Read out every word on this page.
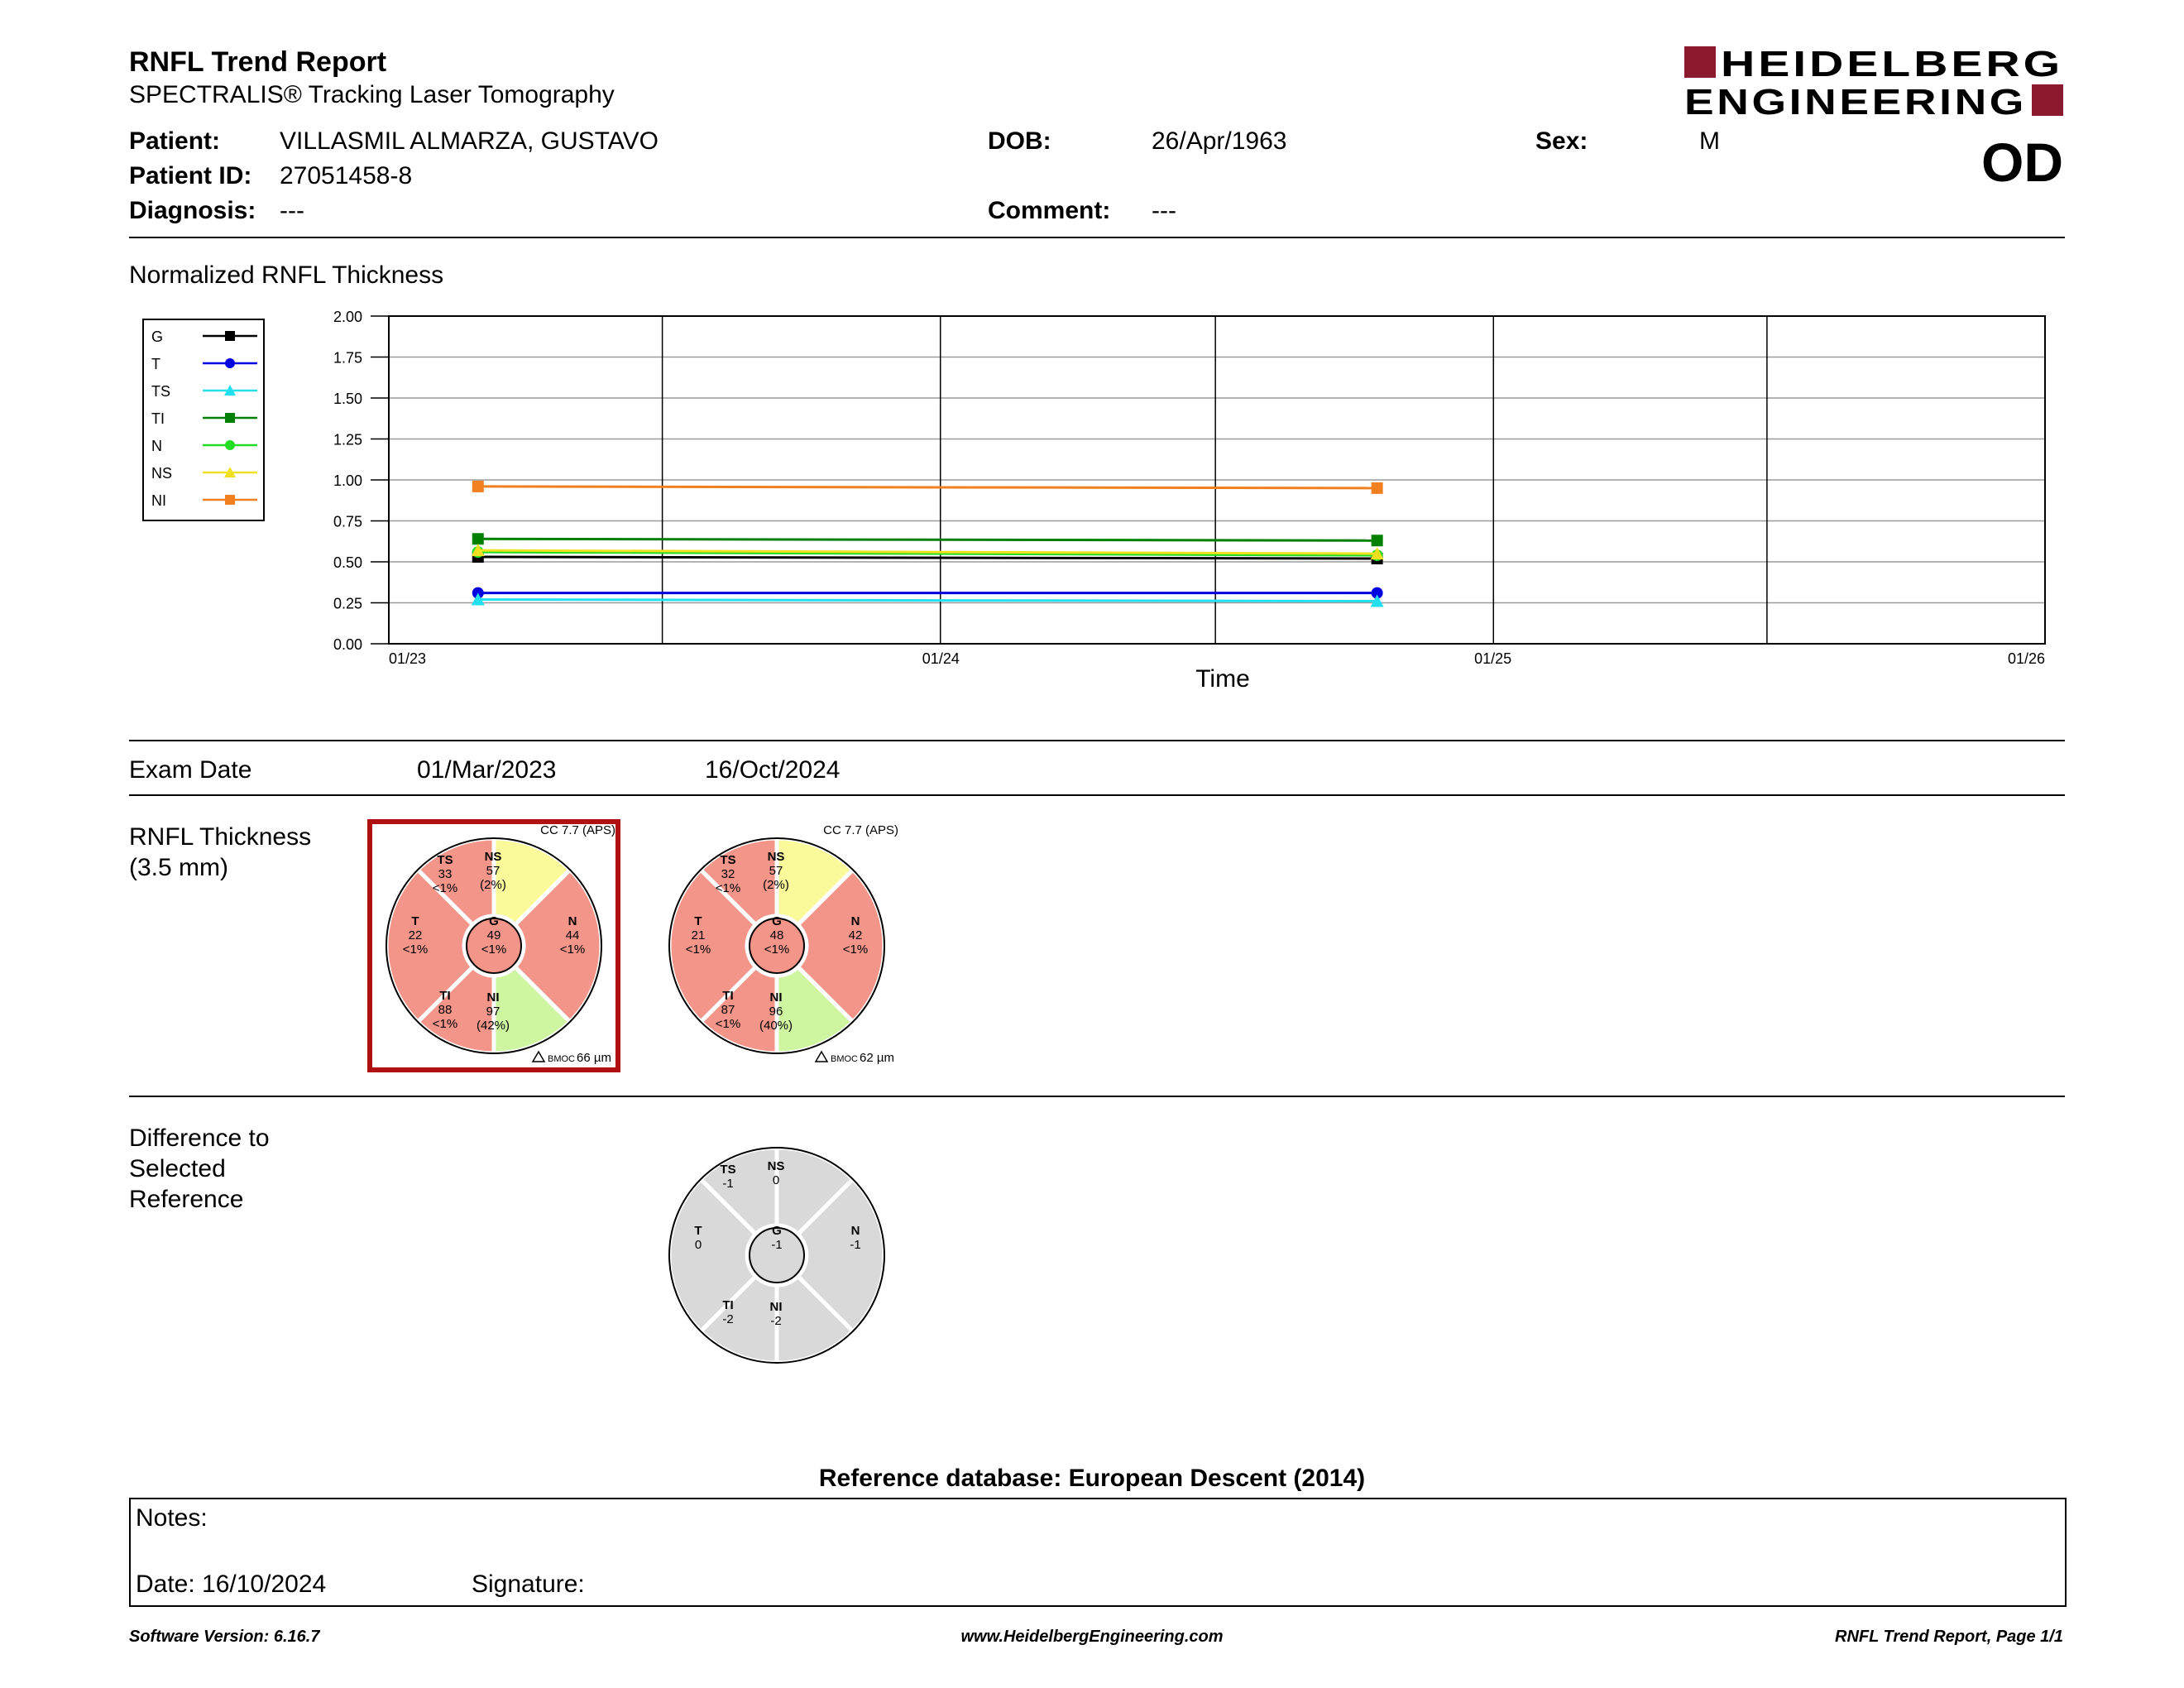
RNFL Trend Report
SPECTRALIS® Tracking Laser Tomography
HEIDELBERG
ENGINEERING
Patient: VILLASMIL ALMARZA, GUSTAVO
Patient ID: 27051458-8
Diagnosis: ---
DOB:	26/Apr/1963
Comment: ---
Sex:	M	OD
Normalized RNFL Thickness
G
T
TS
TI
N
NS
NI
0.00
0.25
0.50
0.75
1.00
1.25
1.50
1.75
2.00
01/23	01/24	01/25	01/26
Time
Exam Date	01/Mar/2023	16/Oct/2024
RNFL Thickness
(3.5 mm)	TS
33
<1%
NS
57
(2%)
T
22
<1%
N
44
<1%
TI
88
<1%
NI
97
(42%)
G
49
<1%
CC 7.7 (APS)
BMOC 66 µm
TS
32
<1%
NS
57
(2%)
T
21
<1%
N
42
<1%
TI
87
<1%
NI
96
(40%)
G
48
<1%
CC 7.7 (APS)
BMOC 62 µm
Difference to
Selected
Reference
TS
-1
NS
0
T
0
N
-1
TI
-2
NI
-2
G
-1
Reference database: European Descent (2014)
Notes:
Date: 16/10/2024	Signature:
Software Version: 6.16.7	www.HeidelbergEngineering.com	RNFL Trend Report, Page 1/1
